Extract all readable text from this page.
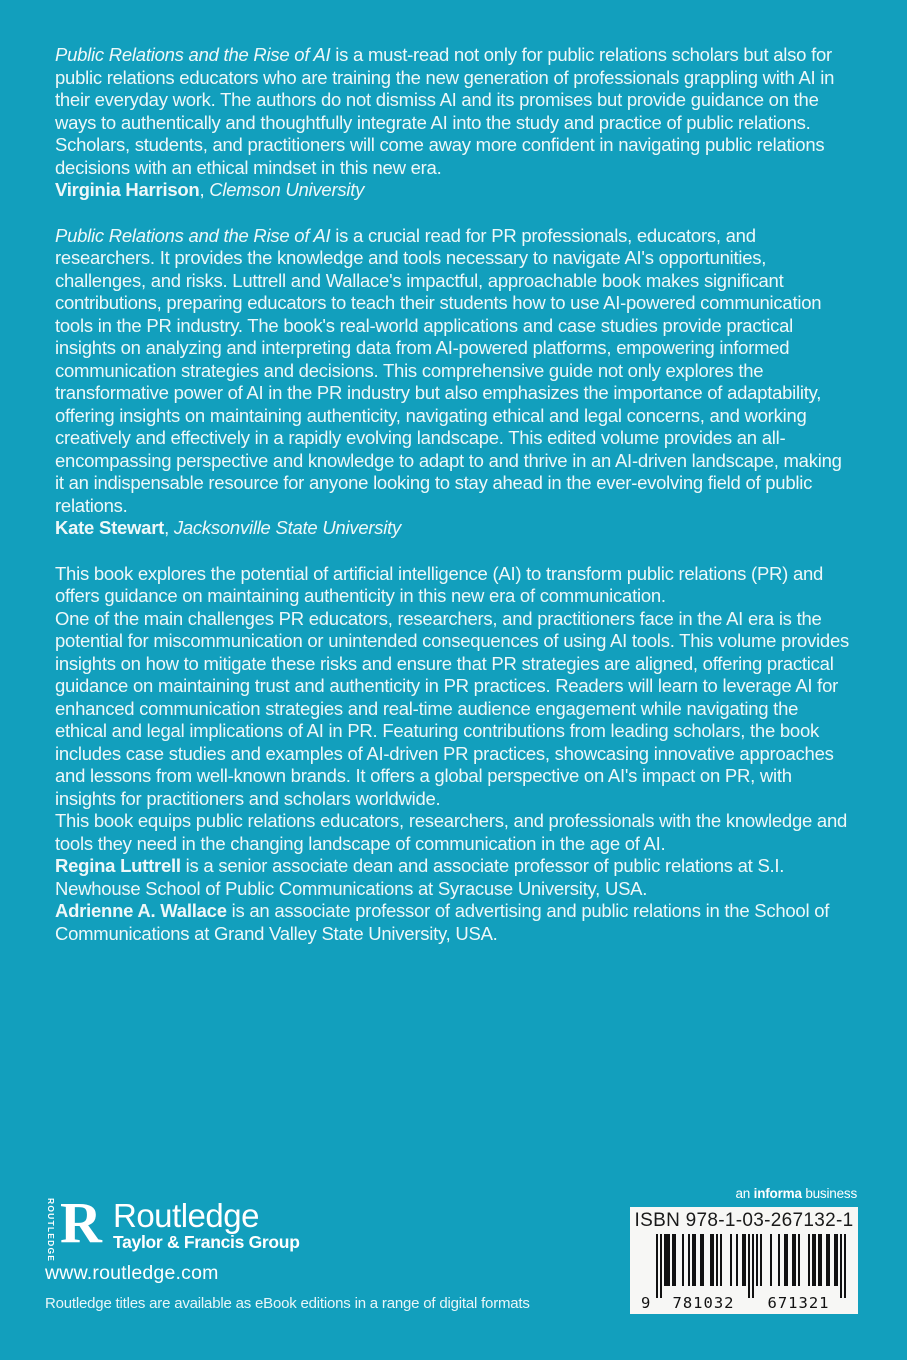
Public Relations and the Rise of AI is a must-read not only for public relations scholars but also for public relations educators who are training the new generation of professionals grappling with AI in their everyday work. The authors do not dismiss AI and its promises but provide guidance on the ways to authentically and thoughtfully integrate AI into the study and practice of public relations. Scholars, students, and practitioners will come away more confident in navigating public relations decisions with an ethical mindset in this new era.

Virginia Harrison, Clemson University

Public Relations and the Rise of AI is a crucial read for PR professionals, educators, and researchers. It provides the knowledge and tools necessary to navigate AI's opportunities, challenges, and risks. Luttrell and Wallace's impactful, approachable book makes significant contributions, preparing educators to teach their students how to use AI-powered communication tools in the PR industry. The book's real-world applications and case studies provide practical insights on analyzing and interpreting data from AI-powered platforms, empowering informed communication strategies and decisions. This comprehensive guide not only explores the transformative power of AI in the PR industry but also emphasizes the importance of adaptability, offering insights on maintaining authenticity, navigating ethical and legal concerns, and working creatively and effectively in a rapidly evolving landscape. This edited volume provides an all-encompassing perspective and knowledge to adapt to and thrive in an AI-driven landscape, making it an indispensable resource for anyone looking to stay ahead in the ever-evolving field of public relations.

Kate Stewart, Jacksonville State University

This book explores the potential of artificial intelligence (AI) to transform public relations (PR) and offers guidance on maintaining authenticity in this new era of communication.

One of the main challenges PR educators, researchers, and practitioners face in the AI era is the potential for miscommunication or unintended consequences of using AI tools. This volume provides insights on how to mitigate these risks and ensure that PR strategies are aligned, offering practical guidance on maintaining trust and authenticity in PR practices. Readers will learn to leverage AI for enhanced communication strategies and real-time audience engagement while navigating the ethical and legal implications of AI in PR. Featuring contributions from leading scholars, the book includes case studies and examples of AI-driven PR practices, showcasing innovative approaches and lessons from well-known brands. It offers a global perspective on AI's impact on PR, with insights for practitioners and scholars worldwide.

This book equips public relations educators, researchers, and professionals with the knowledge and tools they need in the changing landscape of communication in the age of AI.

Regina Luttrell is a senior associate dean and associate professor of public relations at S.I. Newhouse School of Public Communications at Syracuse University, USA.

Adrienne A. Wallace is an associate professor of advertising and public relations in the School of Communications at Grand Valley State University, USA.

an informa business
ISBN 978-1-03-267132-1
9	781032	671321
ROUTLEDGE R Routledge
Taylor & Francis Group
www.routledge.com
Routledge titles are available as eBook editions in a range of digital formats
